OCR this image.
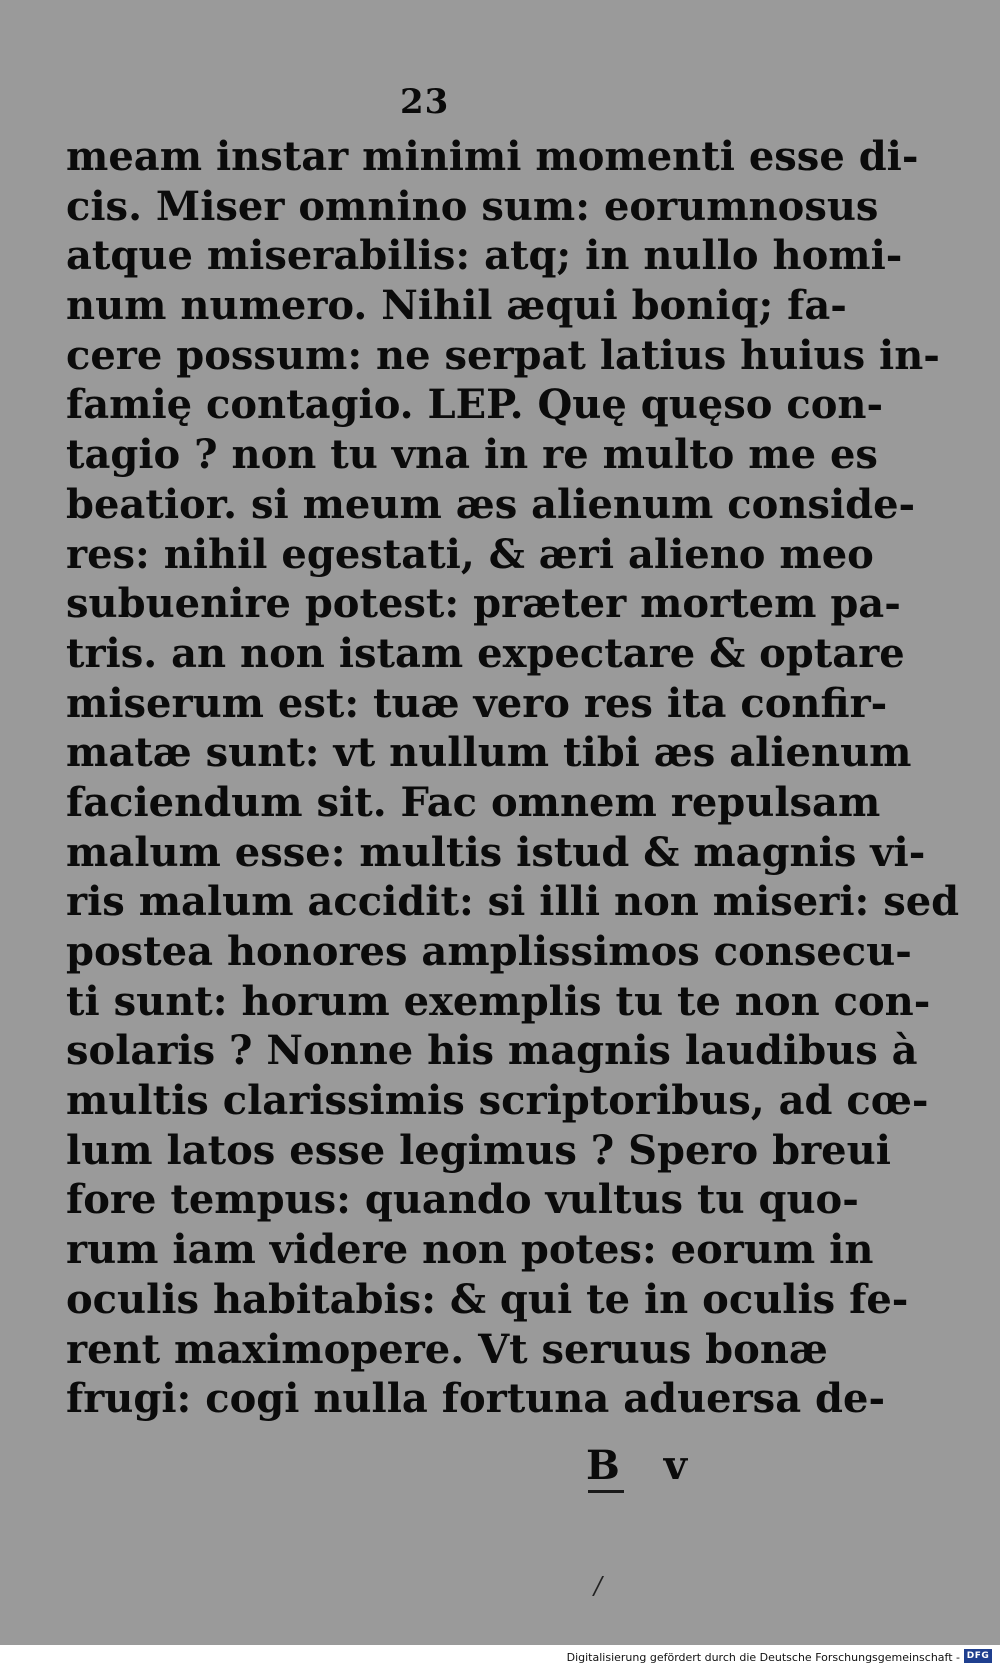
23
meam instar minimi momenti esse di-
cis. Miser omnino sum: eorumnosus
atque miserabilis: atq; in nullo homi-
num numero. Nihil æqui boniq; fa-
cere possum: ne serpat latius huius in-
famię contagio. LEP. Quę quęso con-
tagio ? non tu vna in re multo me es
beatior. si meum æs alienum conside-
res: nihil egestati, & æri alieno meo
subuenire potest: præter mortem pa-
tris. an non istam expectare & optare
miserum est: tuæ vero res ita confir-
matæ sunt: vt nullum tibi æs alienum
faciendum sit. Fac omnem repulsam
malum esse: multis istud & magnis vi-
ris malum accidit: si illi non miseri: sed
postea honores amplissimos consecu-
ti sunt: horum exemplis tu te non con-
solaris ? Nonne his magnis laudibus à
multis clarissimis scriptoribus, ad cœ-
lum latos esse legimus ? Spero breui
fore tempus: quando vultus tu quo-
rum iam videre non potes: eorum in
oculis habitabis: & qui te in oculis fe-
rent maximopere. Vt seruus bonæ
frugi: cogi nulla fortuna aduersa de-
B v
/
Digitalisierung gefördert durch die Deutsche Forschungsgemeinschaft - DFG
